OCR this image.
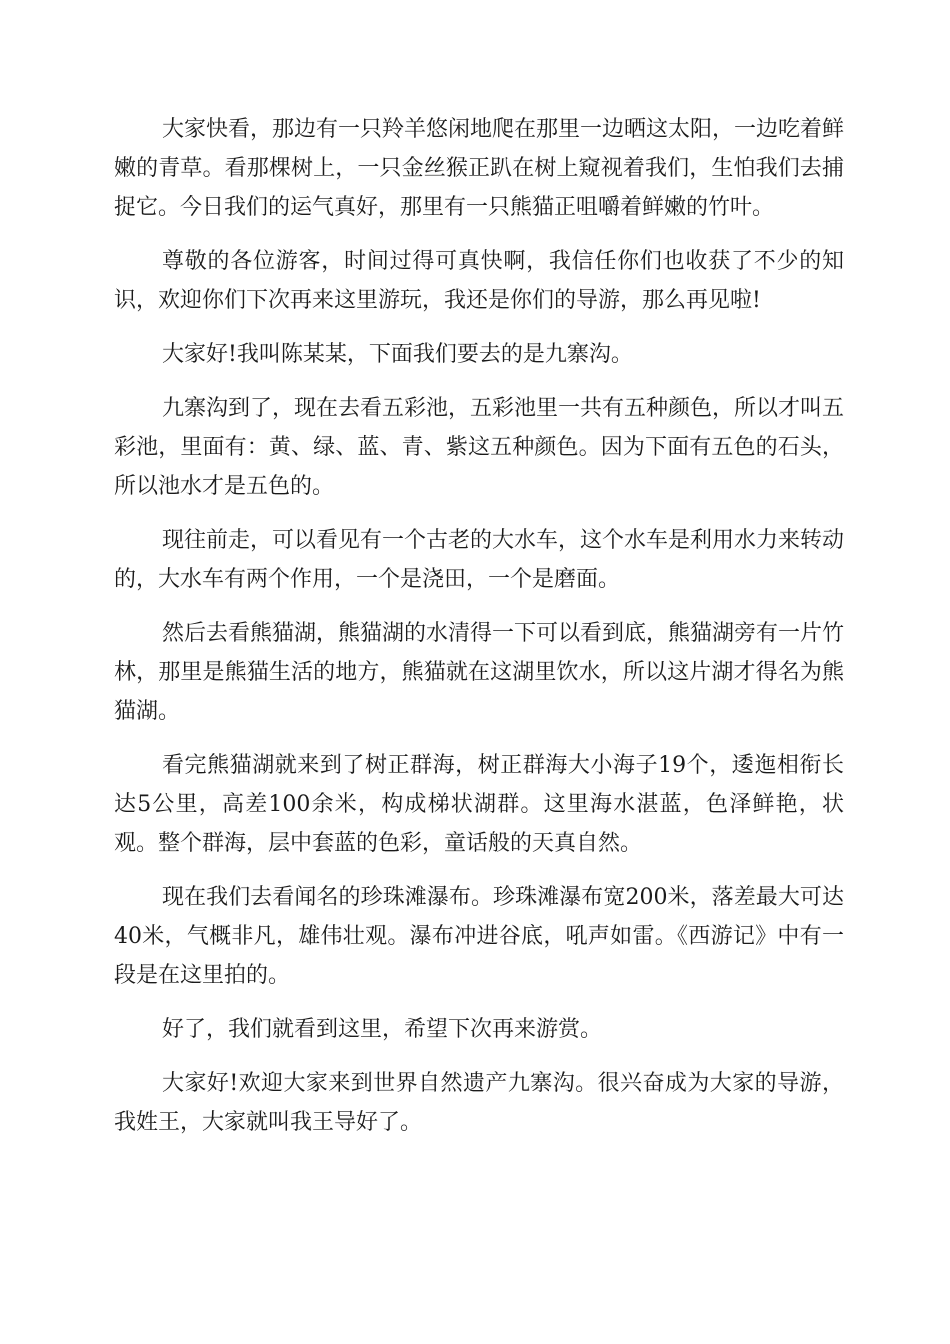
大家快看，那边有一只羚羊悠闲地爬在那里一边晒这太阳，一边吃着鲜嫩的青草。看那棵树上，一只金丝猴正趴在树上窥视着我们，生怕我们去捕捉它。今日我们的运气真好，那里有一只熊猫正咀嚼着鲜嫩的竹叶。

尊敬的各位游客，时间过得可真快啊，我信任你们也收获了不少的知识，欢迎你们下次再来这里游玩，我还是你们的导游，那么再见啦!

大家好!我叫陈某某，下面我们要去的是九寨沟。

九寨沟到了，现在去看五彩池，五彩池里一共有五种颜色，所以才叫五彩池，里面有：黄、绿、蓝、青、紫这五种颜色。因为下面有五色的石头，所以池水才是五色的。

现往前走，可以看见有一个古老的大水车，这个水车是利用水力来转动的，大水车有两个作用，一个是浇田，一个是磨面。

然后去看熊猫湖，熊猫湖的水清得一下可以看到底，熊猫湖旁有一片竹林，那里是熊猫生活的地方，熊猫就在这湖里饮水，所以这片湖才得名为熊猫湖。

看完熊猫湖就来到了树正群海，树正群海大小海子19个，逶迤相衔长达5公里，高差100余米，构成梯状湖群。这里海水湛蓝，色泽鲜艳，状观。整个群海，层中套蓝的色彩，童话般的天真自然。

现在我们去看闻名的珍珠滩瀑布。珍珠滩瀑布宽200米，落差最大可达40米，气概非凡，雄伟壮观。瀑布冲进谷底，吼声如雷。《西游记》中有一段是在这里拍的。

好了，我们就看到这里，希望下次再来游赏。

大家好!欢迎大家来到世界自然遗产九寨沟。很兴奋成为大家的导游，我姓王，大家就叫我王导好了。
